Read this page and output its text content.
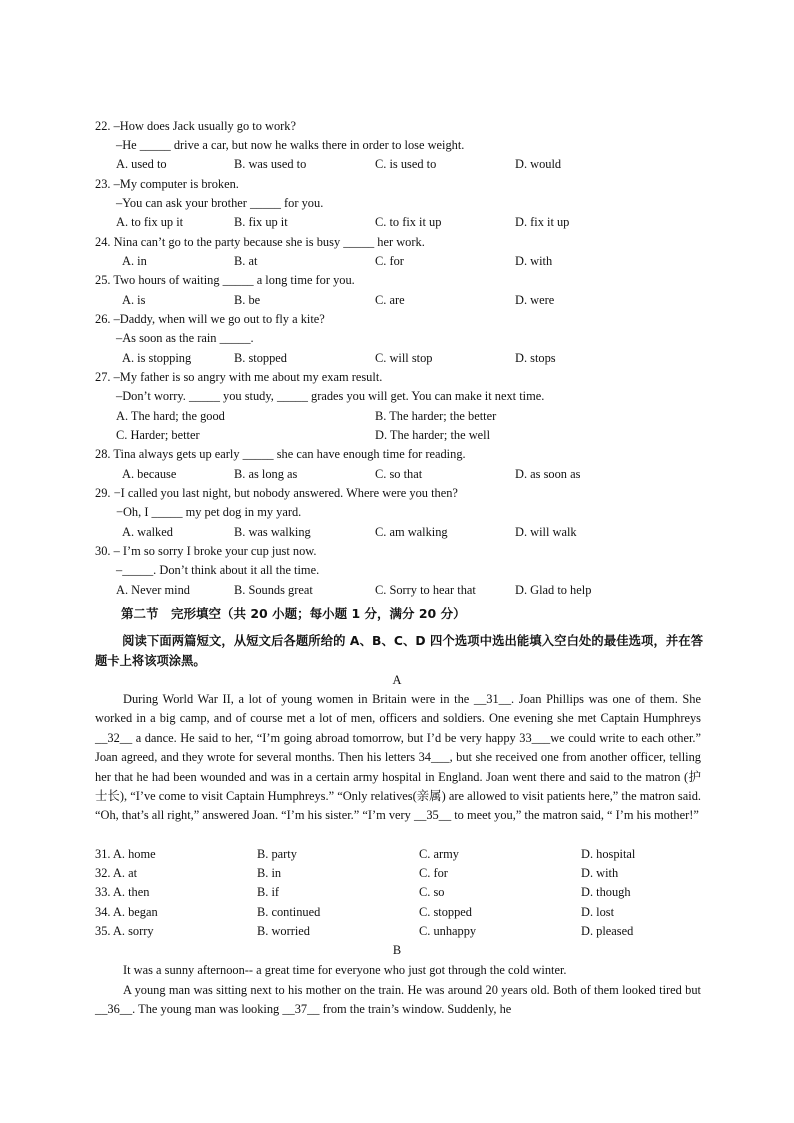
22. –How does Jack usually go to work?
–He _____ drive a car, but now he walks there in order to lose weight.
A. used to	B. was used to	C. is used to	D. would
23. –My computer is broken.
–You can ask your brother _____ for you.
A. to fix up it	B. fix up it	C. to fix it up	D. fix it up
24. Nina can’t go to the party because she is busy _____ her work.
A. in	B. at	C. for	D. with
25. Two hours of waiting _____ a long time for you.
A. is	B. be	C. are	D. were
26. –Daddy, when will we go out to fly a kite?
–As soon as the rain _____.
A. is stopping	B. stopped	C. will stop	D. stops
27. –My father is so angry with me about my exam result.
–Don’t worry. _____ you study, _____ grades you will get. You can make it next time.
A. The hard; the good	B. The harder; the better
C. Harder; better	D. The harder; the well
28. Tina always gets up early _____ she can have enough time for reading.
A. because	B. as long as	C. so that	D. as soon as
29. −I called you last night, but nobody answered. Where were you then?
−Oh, I _____ my pet dog in my yard.
A. walked	B. was walking	C. am walking	D. will walk
30. – I’m so sorry I broke your cup just now.
–_____. Don’t think about it all the time.
A. Never mind	B. Sounds great	C. Sorry to hear that	D. Glad to help
第二节　完形填空（共 20 小题；每小题 1 分，满分 20 分）
阅读下面两篇短文，从短文后各题所给的 A、B、C、D 四个选项中选出能填入空白处的最佳选项，并在答题卡上将该项涂黑。
A
During World War II, a lot of young women in Britain were in the __31__. Joan Phillips was one of them. She worked in a big camp, and of course met a lot of men, officers and soldiers. One evening she met Captain Humphreys __32__ a dance. He said to her, “I’m going abroad tomorrow, but I’d be very happy 33___we could write to each other.” Joan agreed, and they wrote for several months. Then his letters 34___, but she received one from another officer, telling her that he had been wounded and was in a certain army hospital in England. Joan went there and said to the matron (护士长), “I’ve come to visit Captain Humphreys.” “Only relatives(亲属) are allowed to visit patients here,” the matron said. “Oh, that’s all right,” answered Joan. “I’m his sister.” “I’m very __35__ to meet you,” the matron said, “ I’m his mother!”
31. A. home	B. party	C. army	D. hospital
32. A. at	B. in	C. for	D. with
33. A. then	B. if	C. so	D. though
34. A. began	B. continued	C. stopped	D. lost
35. A. sorry	B. worried	C. unhappy	D. pleased
B
It was a sunny afternoon-- a great time for everyone who just got through the cold winter.
A young man was sitting next to his mother on the train. He was around 20 years old. Both of them looked tired but __36__. The young man was looking __37__ from the train’s window. Suddenly, he
